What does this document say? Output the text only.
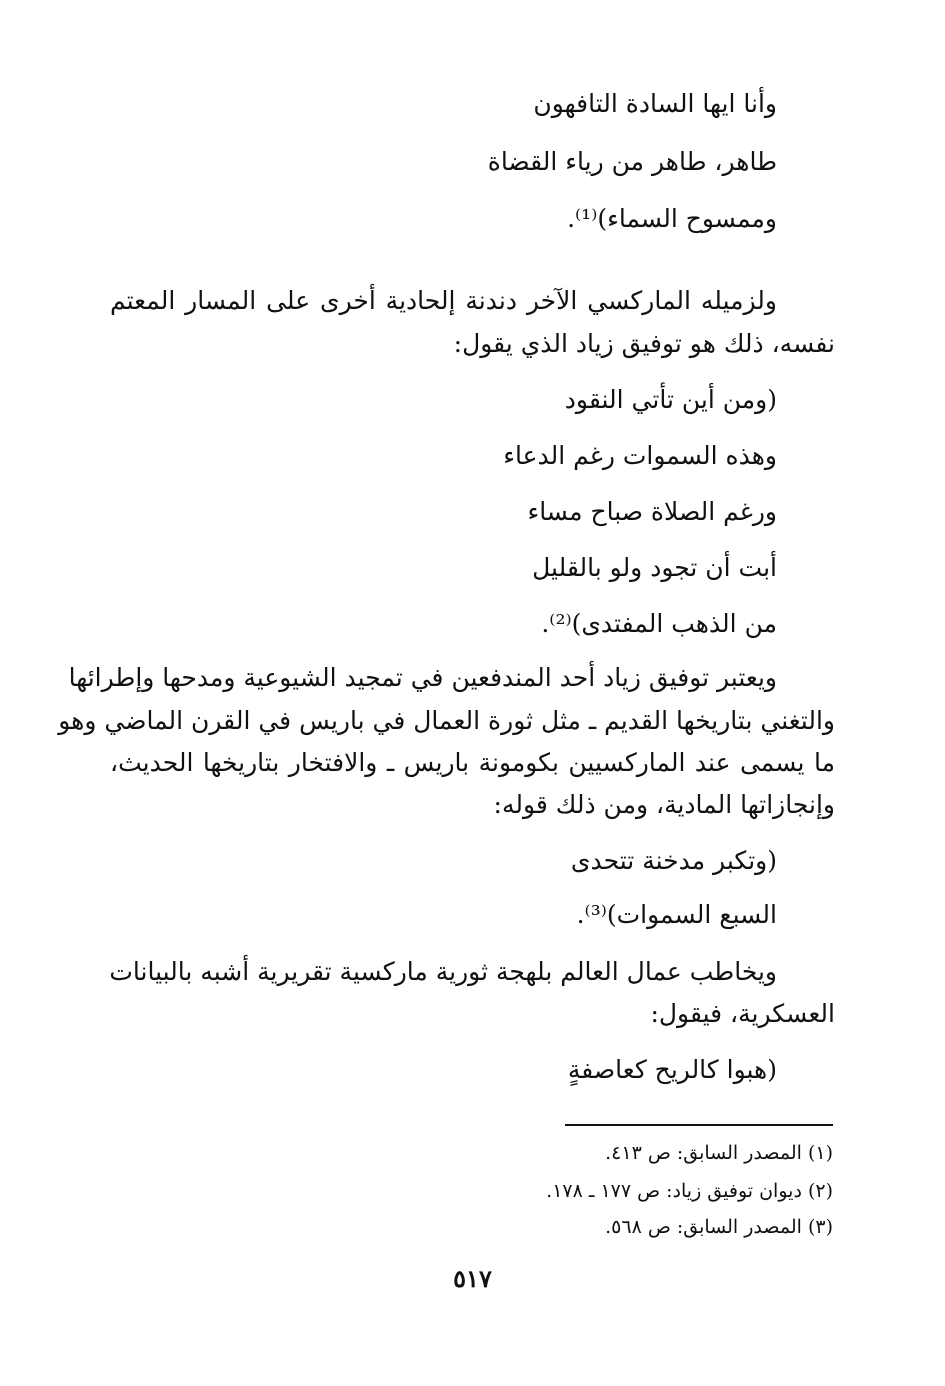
وأنا ايها السادة التافهون
طاهر، طاهر من رياء القضاة
وممسوح السماء)⁽¹⁾.
ولزميله الماركسي الآخر دندنة إلحادية أخرى على المسار المعتم
نفسه، ذلك هو توفيق زياد الذي يقول:
(ومن أين تأتي النقود
وهذه السموات رغم الدعاء
ورغم الصلاة صباح مساء
أبت أن تجود ولو بالقليل
من الذهب المفتدى)⁽²⁾.
ويعتبر توفيق زياد أحد المندفعين في تمجيد الشيوعية ومدحها وإطرائها
والتغني بتاريخها القديم ـ مثل ثورة العمال في باريس في القرن الماضي وهو
ما يسمى عند الماركسيين بكومونة باريس ـ والافتخار بتاريخها الحديث،
وإنجازاتها المادية، ومن ذلك قوله:
(وتكبر مدخنة تتحدى
السبع السموات)⁽³⁾.
ويخاطب عمال العالم بلهجة ثورية ماركسية تقريرية أشبه بالبيانات
العسكرية، فيقول:
(هبوا كالريح كعاصفةٍ
(١) المصدر السابق: ص ٤١٣.
(٢) ديوان توفيق زياد: ص ١٧٧ ـ ١٧٨.
(٣) المصدر السابق: ص ٥٦٨.
٥١٧
